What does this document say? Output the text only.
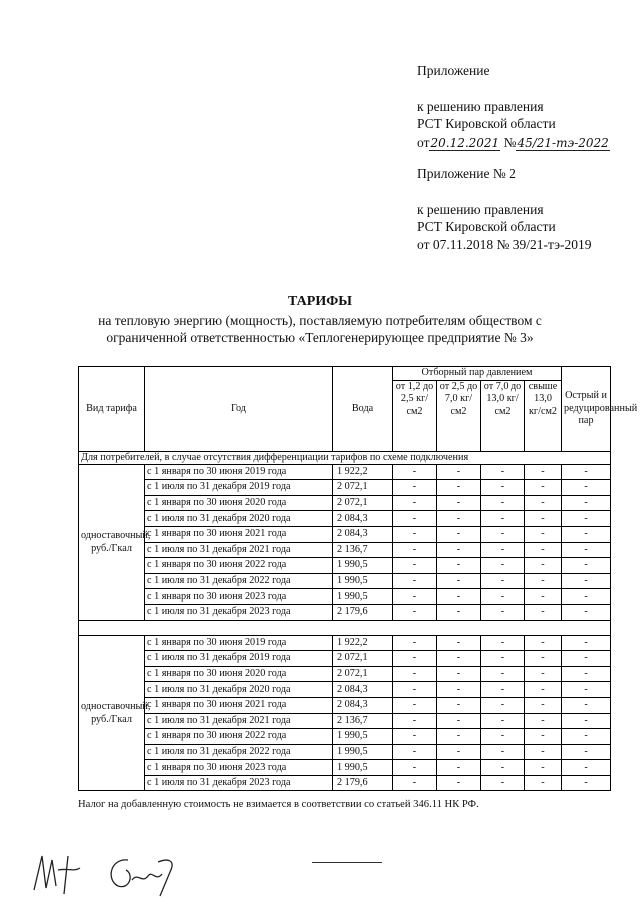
Приложение
к решению правления
РСТ Кировской области
от20.12.2021 №45/21-тэ-2022
Приложение № 2
к решению правления
РСТ Кировской области
от 07.11.2018 № 39/21-тэ-2019
ТАРИФЫ
на тепловую энергию (мощность), поставляемую потребителям обществом с
ограниченной ответственностью «Теплогенерирующее предприятие № 3»
Вид тарифа	Год	Вода	Отборный пар давлением				Острый и редуцированный пар
			от 1,2 до 2,5 кг/см2	от 2,5 до 7,0 кг/см2	от 7,0 до 13,0 кг/см2	свыше 13,0 кг/см2	
Для потребителей, в случае отсутствия дифференциации тарифов по схеме подключения							
одноставочный, руб./Гкал	с 1 января по 30 июня 2019 года	1 922,2	-	-	-	-	-
	с 1 июля по 31 декабря 2019 года	2 072,1	-	-	-	-	-
	с 1 января по 30 июня 2020 года	2 072,1	-	-	-	-	-
	с 1 июля по 31 декабря 2020 года	2 084,3	-	-	-	-	-
	с 1 января по 30 июня 2021 года	2 084,3	-	-	-	-	-
	с 1 июля по 31 декабря 2021 года	2 136,7	-	-	-	-	-
	с 1 января по 30 июня 2022 года	1 990,5	-	-	-	-	-
	с 1 июля по 31 декабря 2022 года	1 990,5	-	-	-	-	-
	с 1 января по 30 июня 2023 года	1 990,5	-	-	-	-	-
	с 1 июля по 31 декабря 2023 года	2 179,6	-	-	-	-	-

одноставочный, руб./Гкал	с 1 января по 30 июня 2019 года	1 922,2	-	-	-	-	-
	с 1 июля по 31 декабря 2019 года	2 072,1	-	-	-	-	-
	с 1 января по 30 июня 2020 года	2 072,1	-	-	-	-	-
	с 1 июля по 31 декабря 2020 года	2 084,3	-	-	-	-	-
	с 1 января по 30 июня 2021 года	2 084,3	-	-	-	-	-
	с 1 июля по 31 декабря 2021 года	2 136,7	-	-	-	-	-
	с 1 января по 30 июня 2022 года	1 990,5	-	-	-	-	-
	с 1 июля по 31 декабря 2022 года	1 990,5	-	-	-	-	-
	с 1 января по 30 июня 2023 года	1 990,5	-	-	-	-	-
	с 1 июля по 31 декабря 2023 года	2 179,6	-	-	-	-	-
Налог на добавленную стоимость не взимается в соответствии со статьей 346.11 НК РФ.
